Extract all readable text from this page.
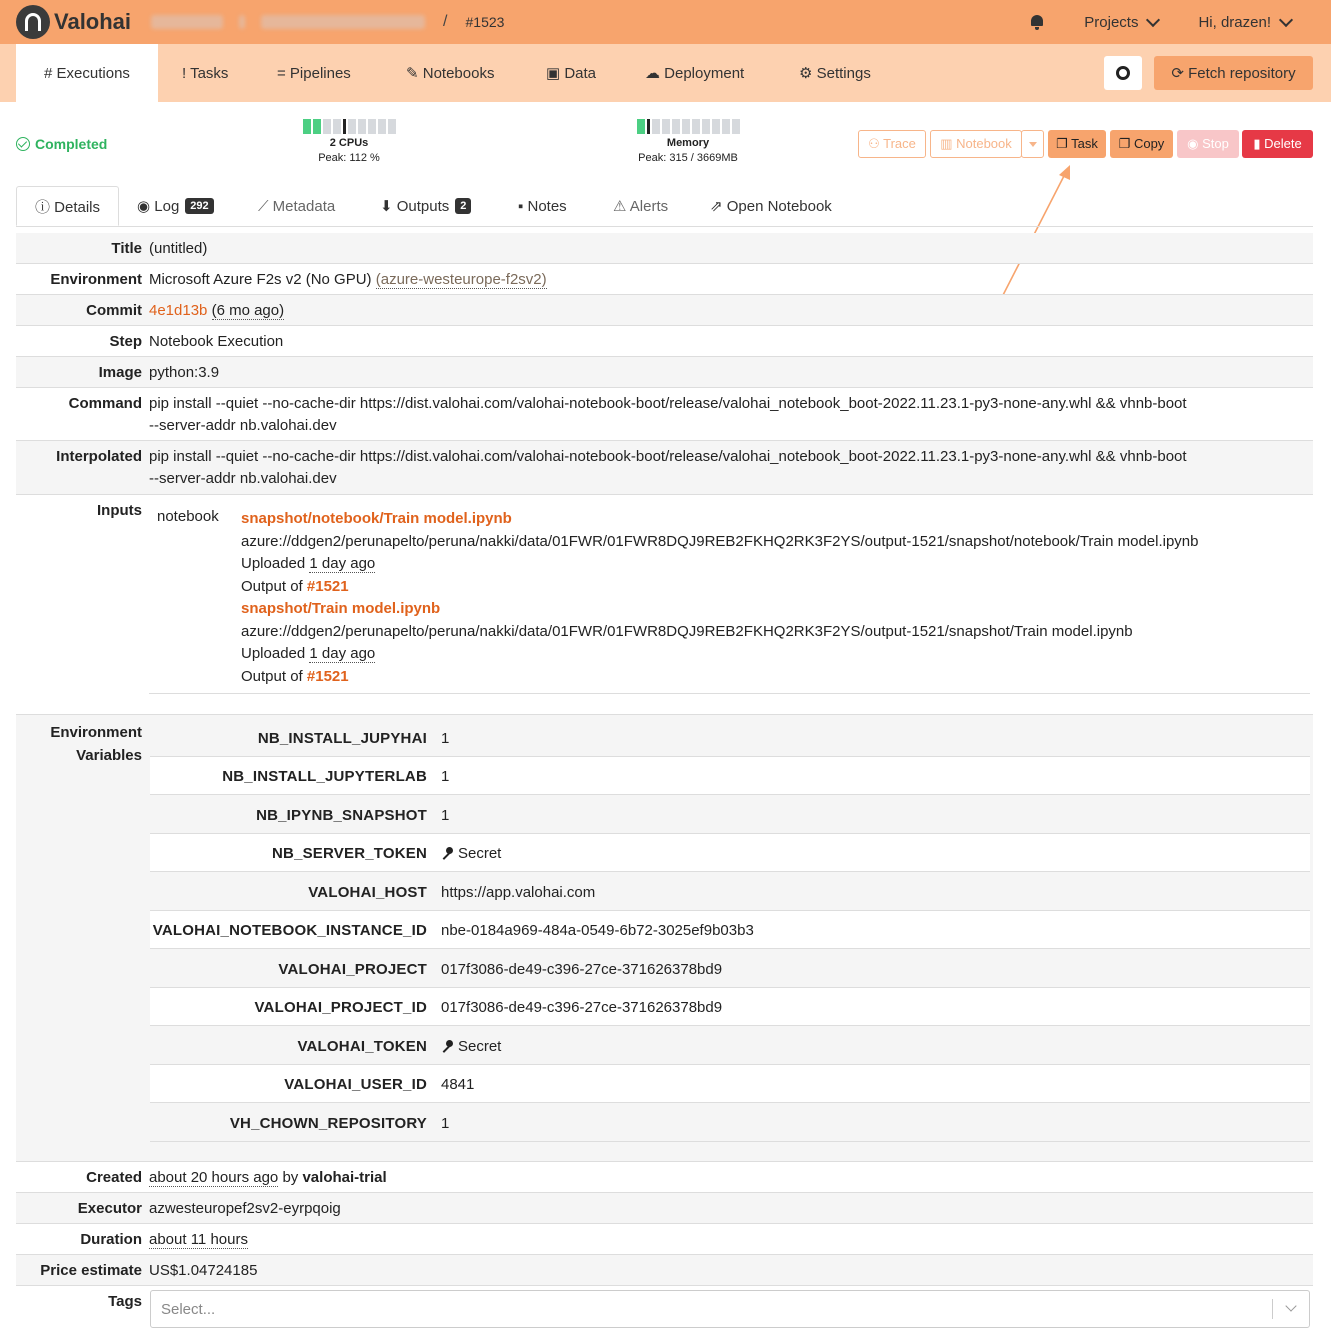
Valohai	/ #1523	Projects	Hi, drazen!
# Executions	! Tasks	= Pipelines	✎ Notebooks	▣ Data	☁ Deployment	⚙ Settings	⟳ Fetch repository
Completed	2 CPUs
Peak: 112 %
Memory
Peak: 315 / 3669MB
⚇ Trace	▥ Notebook	❐ Task	❐ Copy	◉ Stop	▮ Delete
ⓘ Details ◉ Log	292	⟋ Metadata	⬇ Outputs	2	▪ Notes	⚠ Alerts	⇗ Open Notebook
Title (untitled)
Environment Microsoft Azure F2s v2 (No GPU) (azure-westeurope-f2sv2)
Commit 4e1d13b (6 mo ago)
Step Notebook Execution
Image python:3.9
Command pip install --quiet --no-cache-dir https://dist.valohai.com/valohai-notebook-boot/release/valohai_notebook_boot-2022.11.23.1-py3-none-any.whl && vhnb-boot
--server-addr nb.valohai.dev
Interpolated pip install --quiet --no-cache-dir https://dist.valohai.com/valohai-notebook-boot/release/valohai_notebook_boot-2022.11.23.1-py3-none-any.whl && vhnb-boot
--server-addr nb.valohai.dev
Inputs notebook snapshot/notebook/Train model.ipynb
azure://ddgen2/perunapelto/peruna/nakki/data/01FWR/01FWR8DQJ9REB2FKHQ2RK3F2YS/output-1521/snapshot/notebook/Train model.ipynb
Uploaded 1 day ago
Output of #1521
snapshot/Train model.ipynb
azure://ddgen2/perunapelto/peruna/nakki/data/01FWR/01FWR8DQJ9REB2FKHQ2RK3F2YS/output-1521/snapshot/Train model.ipynb
Uploaded 1 day ago
Output of #1521
Environment
Variables
NB_INSTALL_JUPYHAI 1
NB_INSTALL_JUPYTERLAB 1
NB_IPYNB_SNAPSHOT 1
NB_SERVER_TOKEN	Secret
VALOHAI_HOST https://app.valohai.com
VALOHAI_NOTEBOOK_INSTANCE_ID nbe-0184a969-484a-0549-6b72-3025ef9b03b3
VALOHAI_PROJECT 017f3086-de49-c396-27ce-371626378bd9
VALOHAI_PROJECT_ID 017f3086-de49-c396-27ce-371626378bd9
VALOHAI_TOKEN	Secret
VALOHAI_USER_ID 4841
VH_CHOWN_REPOSITORY 1
Created about 20 hours ago by valohai-trial
Executor azwesteuropef2sv2-eyrpqoig
Duration about 11 hours
Price estimate US$1.04724185
Tags Select...
